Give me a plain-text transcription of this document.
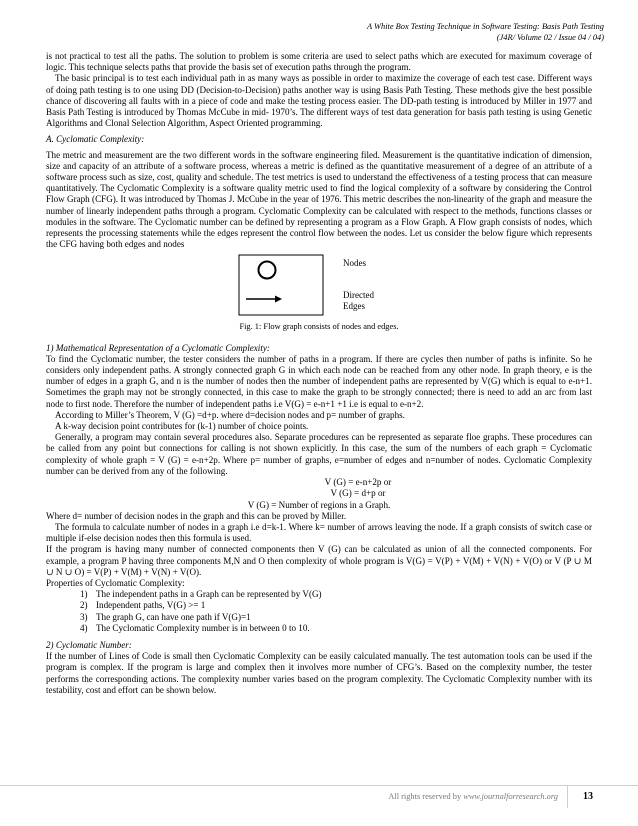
A White Box Testing Technique in Software Testing: Basis Path Testing
(J4R/ Volume 02 / Issue 04 / 04)

is not practical to test all the paths. The solution to problem is some criteria are used to select paths which are executed for maximum coverage of logic. This technique selects paths that provide the basis set of execution paths through the program.

The basic principal is to test each individual path in as many ways as possible in order to maximize the coverage of each test case. Different ways of doing path testing is to one using DD (Decision-to-Decision) paths another way is using Basis Path Testing. These methods give the best possible chance of discovering all faults with in a piece of code and make the testing process easier. The DD-path testing is introduced by Miller in 1977 and Basis Path Testing is introduced by Thomas McCube in mid- 1970’s. The different ways of test data generation for basis path testing is using Genetic Algorithms and Clonal Selection Algorithm, Aspect Oriented programming.

A. Cyclomatic Complexity:

The metric and measurement are the two different words in the software engineering filed. Measurement is the quantitative indication of dimension, size and capacity of an attribute of a software process, whereas a metric is defined as the quantitative measurement of a degree of an attribute of a software process such as size, cost, quality and schedule. The test metrics is used to understand the effectiveness of a testing process that can measure quantitatively. The Cyclomatic Complexity is a software quality metric used to find the logical complexity of a software by considering the Control Flow Graph (CFG). It was introduced by Thomas J. McCube in the year of 1976. This metric describes the non-linearity of the graph and measure the number of linearly independent paths through a program. Cyclomatic Complexity can be calculated with respect to the methods, functions classes or modules in the software. The Cyclomatic number can be defined by representing a program as a Flow Graph. A Flow graph consists of nodes, which represents the processing statements while the edges represent the control flow between the nodes. Let us consider the below figure which represents the CFG having both edges and nodes

Nodes
Directed
Edges

Fig. 1: Flow graph consists of nodes and edges.

1) Mathematical Representation of a Cyclomatic Complexity:

To find the Cyclomatic number, the tester considers the number of paths in a program. If there are cycles then number of paths is infinite. So he considers only independent paths. A strongly connected graph G in which each node can be reached from any other node. In graph theory, e is the number of edges in a graph G, and n is the number of nodes then the number of independent paths are represented by V(G) which is equal to e-n+1. Sometimes the graph may not be strongly connected, in this case to make the graph to be strongly connected; there is need to add an arc from last node to first node. Therefore the number of independent paths i.e V(G) = e-n+1 +1 i.e is equal to e-n+2.

According to Miller’s Theorem, V (G) =d+p. where d=decision nodes and p= number of graphs.

A k-way decision point contributes for (k-1) number of choice points.

Generally, a program may contain several procedures also. Separate procedures can be represented as separate floe graphs. These procedures can be called from any point but connections for calling is not shown explicitly. In this case, the sum of the numbers of each graph = Cyclomatic complexity of whole graph = V (G) = e-n+2p. Where p= number of graphs, e=number of edges and n=number of nodes. Cyclomatic Complexity number can be derived from any of the following.

V (G) = e-n+2p or

V (G) = d+p or

V (G) = Number of regions in a Graph.

Where d= number of decision nodes in the graph and this can be proved by Miller.

The formula to calculate number of nodes in a graph i.e d=k-1. Where k= number of arrows leaving the node. If a graph consists of switch case or multiple if-else decision nodes then this formula is used.

If the program is having many number of connected components then V (G) can be calculated as union of all the connected components. For example, a program P having three components M,N and O then complexity of whole program is V(G) = V(P) + V(M) + V(N) + V(O) or V (P ∪ M ∪ N ∪ O) = V(P) + V(M) + V(N) + V(O).

Properties of Cyclomatic Complexity:

1) The independent paths in a Graph can be represented by V(G)
2) Independent paths, V(G) >= 1
3) The graph G, can have one path if V(G)=1
4) The Cyclomatic Complexity number is in between 0 to 10.

2) Cyclomatic Number:

If the number of Lines of Code is small then Cyclomatic Complexity can be easily calculated manually. The test automation tools can be used if the program is complex. If the program is large and complex then it involves more number of CFG’s. Based on the complexity number, the tester performs the corresponding actions. The complexity number varies based on the program complexity. The Cyclomatic Complexity number with its testability, cost and effort can be shown below.

All rights reserved by www.journalforresearch.org	13
